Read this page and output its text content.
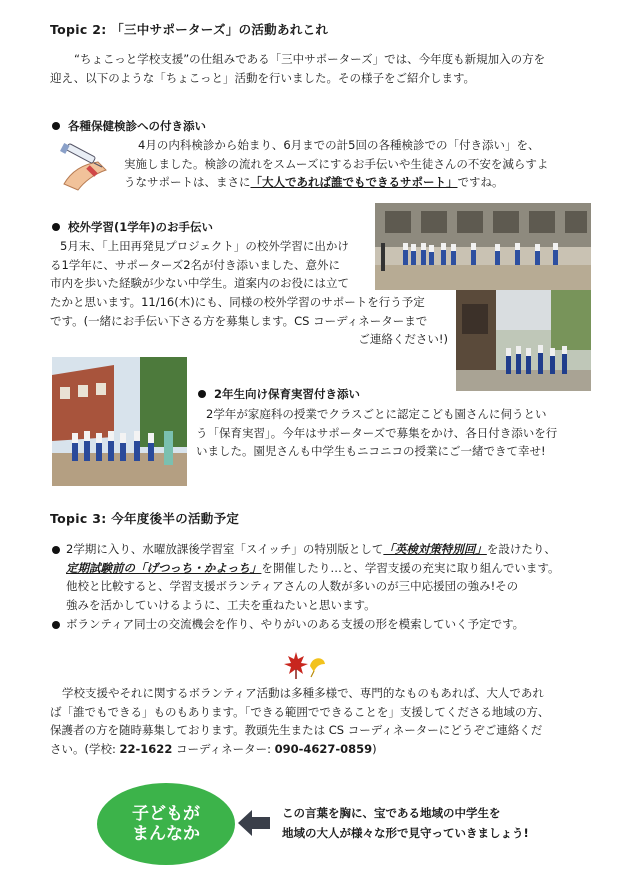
Topic 2: 「三中サポーターズ」の活動あれこれ
“ちょこっと学校支援”の仕組みである「三中サポーターズ」では、今年度も新規加入の方を
迎え、以下のような「ちょこっと」活動を行いました。その様子をご紹介します。
各種保健検診への付き添い
4月の内科検診から始まり、6月までの計5回の各種検診での「付き添い」を、
実施しました。検診の流れをスムーズにするお手伝いや生徒さんの不安を減らすよ
うなサポートは、まさに「大人であれば誰でもできるサポート」ですね。
校外学習(1学年)のお手伝い
5月末、「上田再発見プロジェクト」の校外学習に出かけ
る1学年に、サポーターズ2名が付き添いました、意外に
市内を歩いた経験が少ない中学生。道案内のお役には立て
たかと思います。11/16(木)にも、同様の校外学習のサポートを行う予定
です。(一緒にお手伝い下さる方を募集します。CS コーディネーターまで
ご連絡ください!)
2年生向け保育実習付き添い
2学年が家庭科の授業でクラスごとに認定こども園さんに伺うとい
う「保育実習」。今年はサポーターズで募集をかけ、各日付き添いを行
いました。園児さんも中学生もニコニコの授業にご一緒できて幸せ!
Topic 3: 今年度後半の活動予定
2学期に入り、水曜放課後学習室「スイッチ」の特別版として「英検対策特別回」を設けたり、
定期試験前の「げつっち・かよっち」を開催したり…と、学習支援の充実に取り組んでいます。
他校と比較すると、学習支援ボランティアさんの人数が多いのが三中応援団の強み!その
強みを活かしていけるように、工夫を重ねたいと思います。
ボランティア同士の交流機会を作り、やりがいのある支援の形を模索していく予定です。
学校支援やそれに関するボランティア活動は多種多様で、専門的なものもあれば、大人であれ
ば「誰でもできる」ものもあります。「できる範囲でできることを」支援してくださる地域の方、
保護者の方を随時募集しております。教頭先生または CS コーディネーターにどうぞご連絡くだ
さい。(学校: 22-1622 コーディネーター: 090-4627-0859)
子どもが
まんなか
この言葉を胸に、宝である地域の中学生を
地域の大人が様々な形で見守っていきましょう!
